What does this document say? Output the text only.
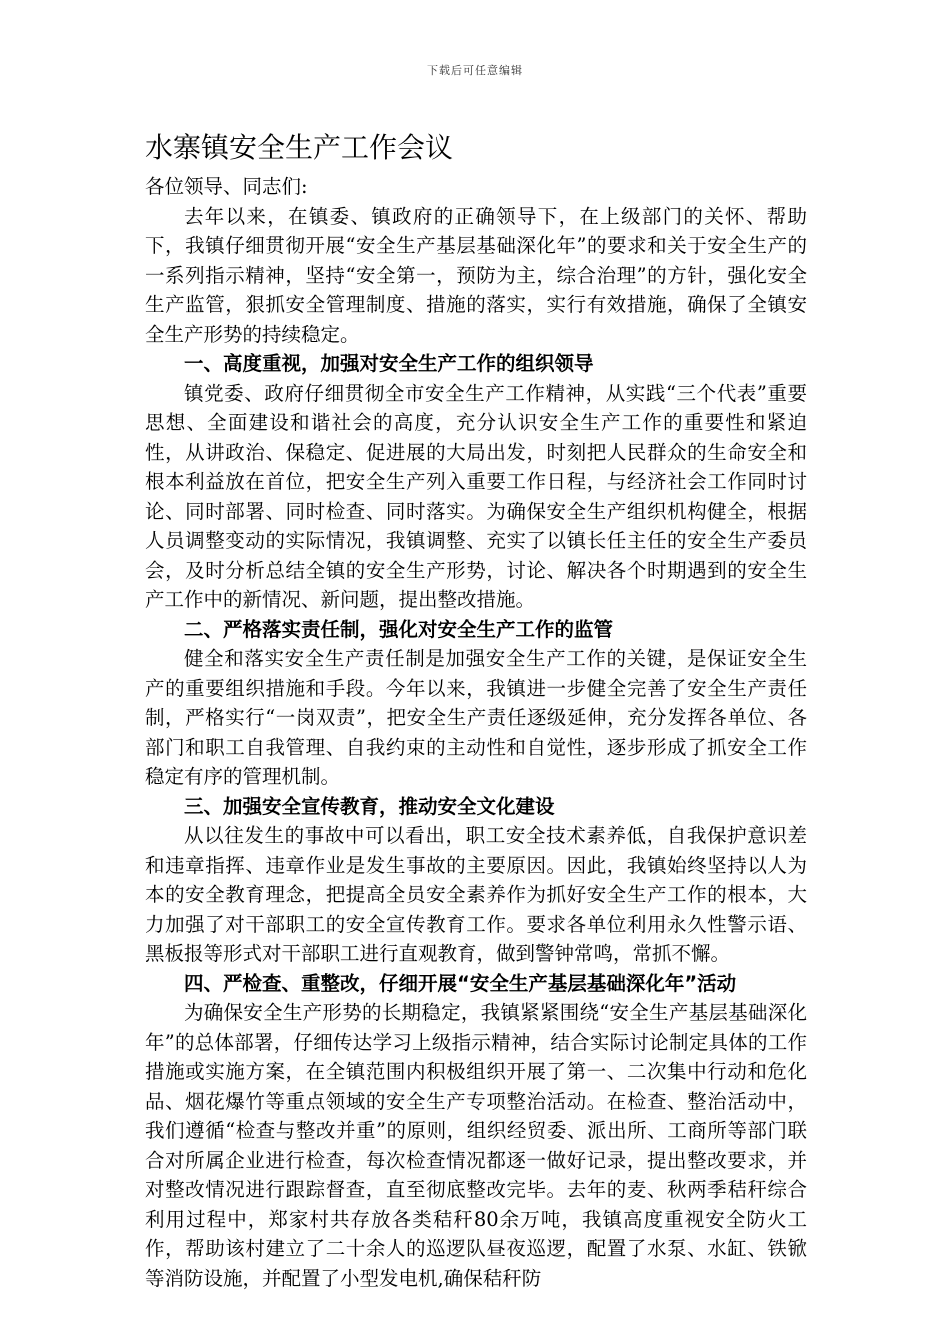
下载后可任意编辑
水寨镇安全生产工作会议

各位领导、同志们:

去年以来，在镇委、镇政府的正确领导下，在上级部门的关怀、帮助下，我镇仔细贯彻开展“安全生产基层基础深化年”的要求和关于安全生产的一系列指示精神，坚持“安全第一，预防为主，综合治理”的方针，强化安全生产监管，狠抓安全管理制度、措施的落实，实行有效措施，确保了全镇安全生产形势的持续稳定。

一、高度重视，加强对安全生产工作的组织领导

镇党委、政府仔细贯彻全市安全生产工作精神，从实践“三个代表”重要思想、全面建设和谐社会的高度，充分认识安全生产工作的重要性和紧迫性，从讲政治、保稳定、促进展的大局出发，时刻把人民群众的生命安全和根本利益放在首位，把安全生产列入重要工作日程，与经济社会工作同时讨论、同时部署、同时检查、同时落实。为确保安全生产组织机构健全，根据人员调整变动的实际情况，我镇调整、充实了以镇长任主任的安全生产委员会，及时分析总结全镇的安全生产形势，讨论、解决各个时期遇到的安全生产工作中的新情况、新问题，提出整改措施。

二、严格落实责任制，强化对安全生产工作的监管

健全和落实安全生产责任制是加强安全生产工作的关键，是保证安全生产的重要组织措施和手段。今年以来，我镇进一步健全完善了安全生产责任制，严格实行“一岗双责”，把安全生产责任逐级延伸，充分发挥各单位、各部门和职工自我管理、自我约束的主动性和自觉性，逐步形成了抓安全工作稳定有序的管理机制。

三、加强安全宣传教育，推动安全文化建设

从以往发生的事故中可以看出，职工安全技术素养低，自我保护意识差和违章指挥、违章作业是发生事故的主要原因。因此，我镇始终坚持以人为本的安全教育理念，把提高全员安全素养作为抓好安全生产工作的根本，大力加强了对干部职工的安全宣传教育工作。要求各单位利用永久性警示语、黑板报等形式对干部职工进行直观教育，做到警钟常鸣，常抓不懈。

四、严检查、重整改，仔细开展“安全生产基层基础深化年”活动

为确保安全生产形势的长期稳定，我镇紧紧围绕“安全生产基层基础深化年”的总体部署，仔细传达学习上级指示精神，结合实际讨论制定具体的工作措施或实施方案，在全镇范围内积极组织开展了第一、二次集中行动和危化品、烟花爆竹等重点领域的安全生产专项整治活动。在检查、整治活动中，我们遵循“检查与整改并重”的原则，组织经贸委、派出所、工商所等部门联合对所属企业进行检查，每次检查情况都逐一做好记录，提出整改要求，并对整改情况进行跟踪督查，直至彻底整改完毕。去年的麦、秋两季秸秆综合利用过程中，郑家村共存放各类秸秆80余万吨，我镇高度重视安全防火工作，帮助该村建立了二十余人的巡逻队昼夜巡逻，配置了水泵、水缸、铁锨等消防设施，并配置了小型发电机,确保秸秆防
